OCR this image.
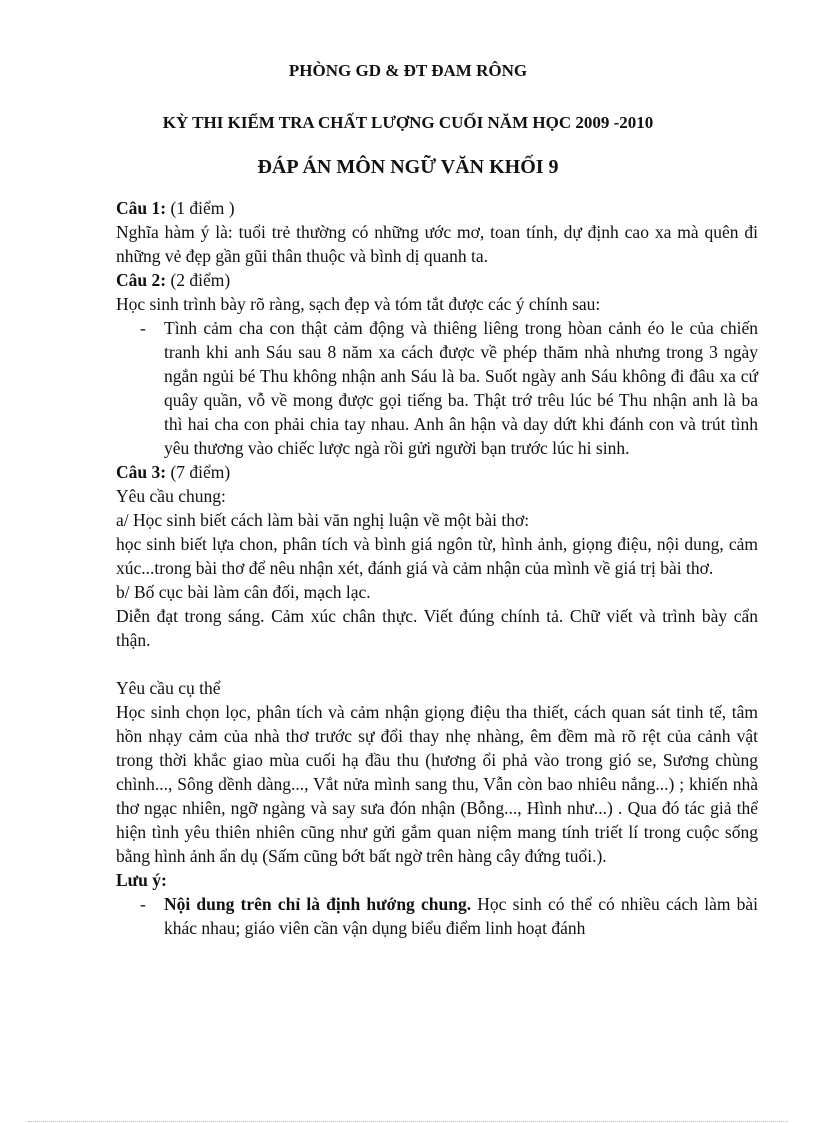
PHÒNG GD & ĐT ĐAM RÔNG
KỲ THI KIỂM TRA CHẤT LƯỢNG CUỐI NĂM HỌC 2009 -2010
ĐÁP ÁN MÔN NGỮ VĂN KHỐI 9

Câu 1: (1 điểm )

Nghĩa hàm ý là: tuổi trẻ thường có những ước mơ, toan tính, dự định cao xa mà quên đi những vẻ đẹp gần gũi thân thuộc và bình dị quanh ta.

Câu 2: (2 điểm)

Học sinh trình bày rõ ràng, sạch đẹp và tóm tắt được các ý chính sau:

- Tình cảm cha con thật cảm động và thiêng liêng trong hòan cảnh éo le của chiến tranh khi anh Sáu sau 8 năm xa cách được về phép thăm nhà nhưng trong 3 ngày ngắn ngủi bé Thu không nhận anh Sáu là ba. Suốt ngày anh Sáu không đi đâu xa cứ quây quần, vỗ về mong được gọi tiếng ba. Thật trớ trêu lúc bé Thu nhận anh là ba thì hai cha con phải chia tay nhau. Anh ân hận và day dứt khi đánh con và trút tình yêu thương vào chiếc lược ngà rồi gửi người bạn trước lúc hi sinh.

Câu 3: (7 điểm)

Yêu cầu chung:

a/ Học sinh biết cách làm bài văn nghị luận về một bài thơ:

học sinh biết lựa chon, phân tích và bình giá ngôn từ, hình ảnh, giọng điệu, nội dung, cảm xúc...trong bài thơ để nêu nhận xét, đánh giá và cảm nhận của mình về giá trị bài thơ.

b/ Bố cục bài làm cân đối, mạch lạc.

Diễn đạt trong sáng. Cảm xúc chân thực. Viết đúng chính tả. Chữ viết và trình bày cẩn thận.

Yêu cầu cụ thể

Học sinh chọn lọc, phân tích và cảm nhận giọng điệu tha thiết, cách quan sát tinh tế, tâm hồn nhạy cảm của nhà thơ trước sự đổi thay nhẹ nhàng, êm đềm mà rõ rệt của cảnh vật trong thời khắc giao mùa cuối hạ đầu thu (hương ổi phả vào trong gió se, Sương chùng chình..., Sông dềnh dàng..., Vắt nửa mình sang thu, Vẫn còn bao nhiêu nắng...) ; khiến nhà thơ ngạc nhiên, ngỡ ngàng và say sưa đón nhận (Bỗng..., Hình như...) . Qua đó tác giả thể hiện tình yêu thiên nhiên cũng như gửi gắm quan niệm mang tính triết lí trong cuộc sống bằng hình ảnh ẩn dụ (Sấm cũng bớt bất ngờ trên hàng cây đứng tuổi.).

Lưu ý:

- Nội dung trên chỉ là định hướng chung. Học sinh có thể có nhiều cách làm bài khác nhau; giáo viên cần vận dụng biểu điểm linh hoạt đánh
